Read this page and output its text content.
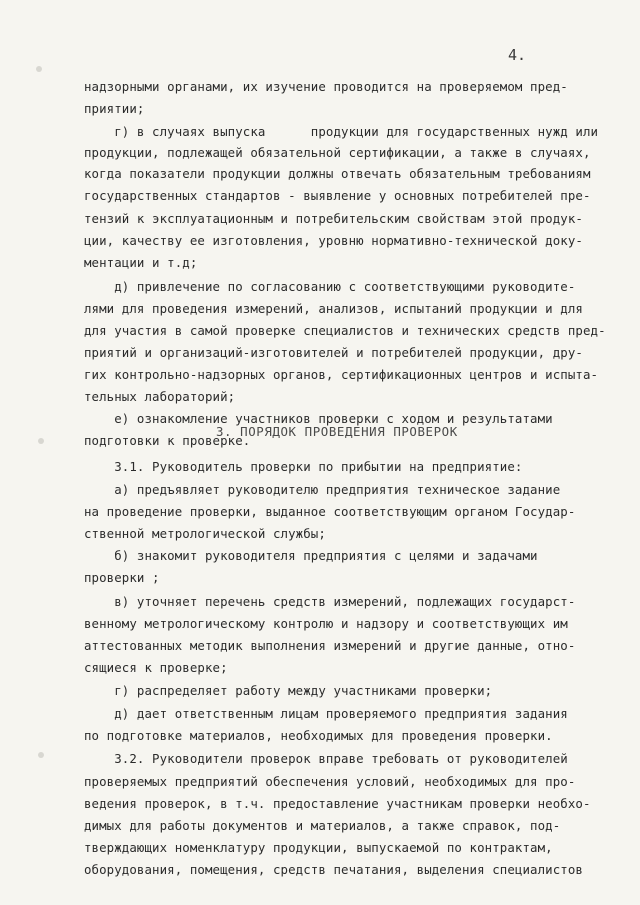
4.
надзорными органами, их изучение проводится на проверяемом пред-
приятии;
г) в случаях выпуска      продукции для государственных нужд или
продукции, подлежащей обязательной сертификации, а также в случаях,
когда показатели продукции должны отвечать обязательным требованиям
государственных стандартов - выявление у основных потребителей пре-
тензий к эксплуатационным и потребительским свойствам этой продук-
ции, качеству ее изготовления, уровню нормативно-технической доку-
ментации и т.д;
д) привлечение по согласованию с соответствующими руководите-
лями для проведения измерений, анализов, испытаний продукции и для
для участия в самой проверке специалистов и технических средств пред-
приятий и организаций-изготовителей и потребителей продукции, дру-
гих контрольно-надзорных органов, сертификационных центров и испыта-
тельных лабораторий;
е) ознакомление участников проверки с ходом и результатами
подготовки к проверке.
3. ПОРЯДОК ПРОВЕДЕНИЯ ПРОВЕРОК
3.1. Руководитель проверки по прибытии на предприятие:
а) предъявляет руководителю предприятия техническое задание
на проведение проверки, выданное соответствующим органом Государ-
ственной метрологической службы;
б) знакомит руководителя предприятия с целями и задачами
проверки ;
в) уточняет перечень средств измерений, подлежащих государст-
венному метрологическому контролю и надзору и соответствующих им
аттестованных методик выполнения измерений и другие данные, отно-
сящиеся к проверке;
г) распределяет работу между участниками проверки;
д) дает ответственным лицам проверяемого предприятия задания
по подготовке материалов, необходимых для проведения проверки.
3.2. Руководители проверок вправе требовать от руководителей
проверяемых предприятий обеспечения условий, необходимых для про-
ведения проверок, в т.ч. предоставление участникам проверки необхо-
димых для работы документов и материалов, а также справок, под-
тверждающих номенклатуру продукции, выпускаемой по контрактам,
оборудования, помещения, средств печатания, выделения специалистов
